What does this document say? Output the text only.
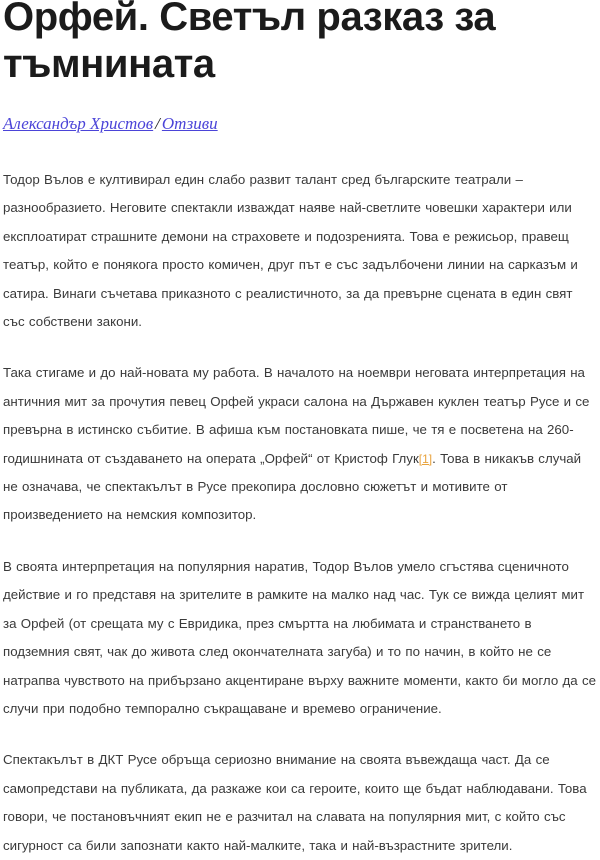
Орфей. Светъл разказ за тъмнината
Александър Христов / Отзиви

Тодор Вълов е култивирал един слабо развит талант сред българските театрали – разнообразието. Неговите спектакли изваждат наяве най-светлите човешки характери или експлоатират страшните демони на страховете и подозренията. Това е режисьор, правещ театър, който е понякога просто комичен, друг път е със задълбочени линии на сарказъм и сатира. Винаги съчетава приказното с реалистичното, за да превърне сцената в един свят със собствени закони.

Така стигаме и до най-новата му работа. В началото на ноември неговата интерпретация на античния мит за прочутия певец Орфей украси салона на Държавен куклен театър Русе и се превърна в истинско събитие. В афиша към постановката пише, че тя е посветена на 260-годишнината от създаването на операта „Орфей“ от Кристоф Глук[1]. Това в никакъв случай не означава, че спектакълът в Русе прекопира дословно сюжетът и мотивите от произведението на немския композитор.

В своята интерпретация на популярния наратив, Тодор Вълов умело сгъстява сценичното действие и го представя на зрителите в рамките на малко над час. Тук се вижда целият мит за Орфей (от срещата му с Евридика, през смъртта на любимата и странстването в подземния свят, чак до живота след окончателната загуба) и то по начин, в който не се натрапва чувството на прибързано акцентиране върху важните моменти, както би могло да се случи при подобно темпорално съкращаване и времево ограничение.

Спектакълът в ДКТ Русе обръща сериозно внимание на своята въвеждаща част. Да се самопредстави на публиката, да разкаже кои са героите, които ще бъдат наблюдавани. Това говори, че постановъчният екип не е разчитал на славата на популярния мит, с който със сигурност са били запознати както най-малките, така и най-възрастните зрители.
